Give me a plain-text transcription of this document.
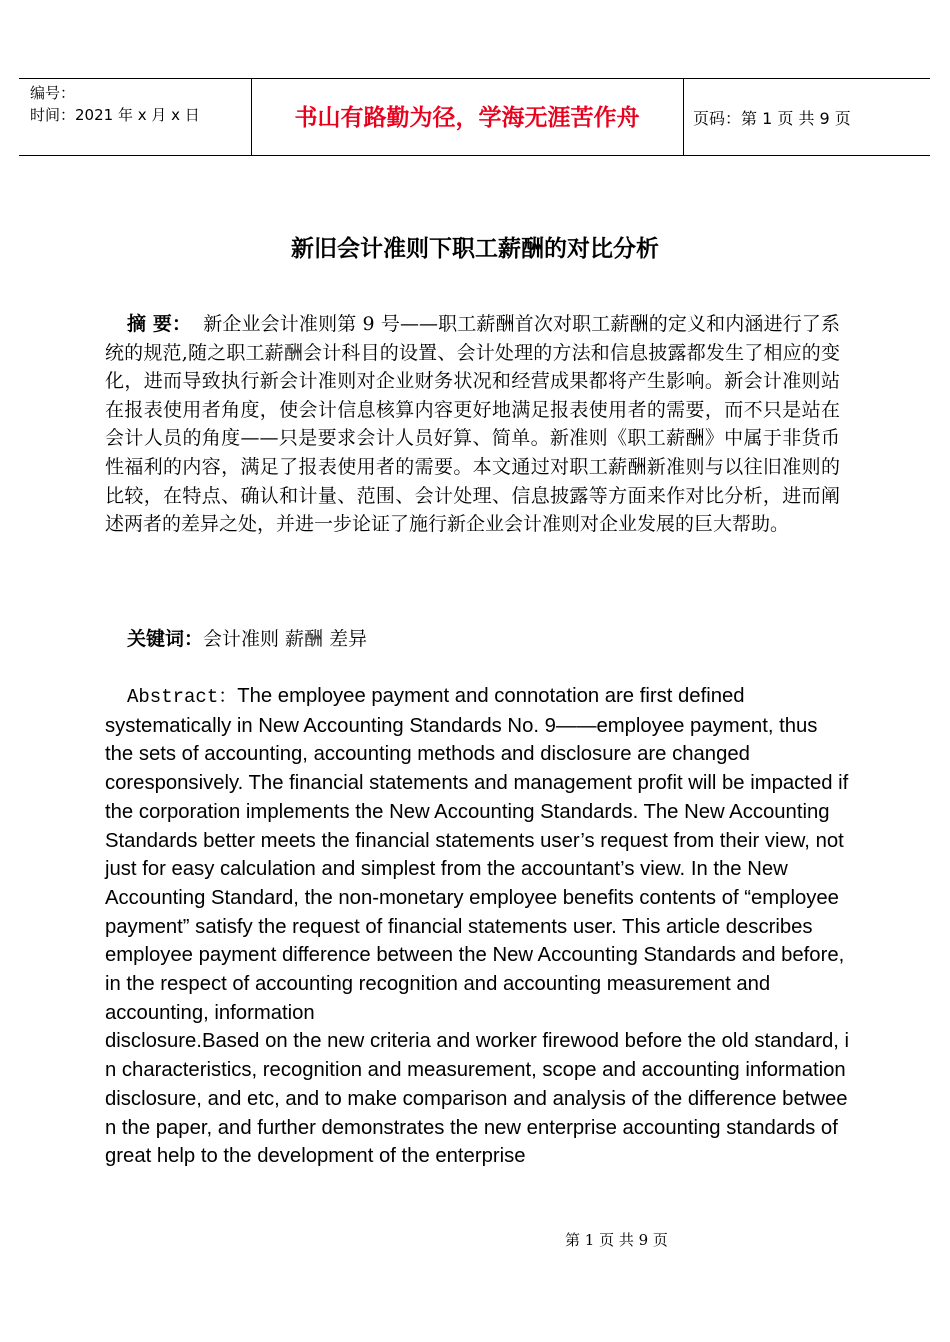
编号：
时间：2021 年 x 月 x 日	书山有路勤为径，学海无涯苦作舟	页码：第 1 页 共 9 页
新旧会计准则下职工薪酬的对比分析
摘 要： 新企业会计准则第 9 号——职工薪酬首次对职工薪酬的定义和内涵进行了系统的规范,随之职工薪酬会计科目的设置、会计处理的方法和信息披露都发生了相应的变化，进而导致执行新会计准则对企业财务状况和经营成果都将产生影响。新会计准则站在报表使用者角度，使会计信息核算内容更好地满足报表使用者的需要，而不只是站在会计人员的角度——只是要求会计人员好算、简单。新准则《职工薪酬》中属于非货币性福利的内容，满足了报表使用者的需要。本文通过对职工薪酬新准则与以往旧准则的比较，在特点、确认和计量、范围、会计处理、信息披露等方面来作对比分析，进而阐述两者的差异之处，并进一步论证了施行新企业会计准则对企业发展的巨大帮助。
关键词：会计准则 薪酬 差异
Abstract：The employee payment and connotation are first defined systematically in New Accounting Standards No. 9——employee payment, thus the sets of accounting, accounting methods and disclosure are changed coresponsively. The financial statements and management profit will be impacted if the corporation implements the New Accounting Standards. The New Accounting Standards better meets the financial statements user’s request from their view, not just for easy calculation and simplest from the accountant’s view. In the New Accounting Standard, the non-monetary employee benefits contents of “employee payment” satisfy the request of financial statements user. This article describes employee payment difference between the New Accounting Standards and before, in the respect of accounting recognition and accounting measurement and accounting, information
disclosure.Based on the new criteria and worker firewood before the old standard, in characteristics, recognition and measurement, scope and accounting information disclosure, and etc, and to make comparison and analysis of the difference between the paper, and further demonstrates the new enterprise accounting standards of great help to the development of the enterprise
第 1 页 共 9 页
